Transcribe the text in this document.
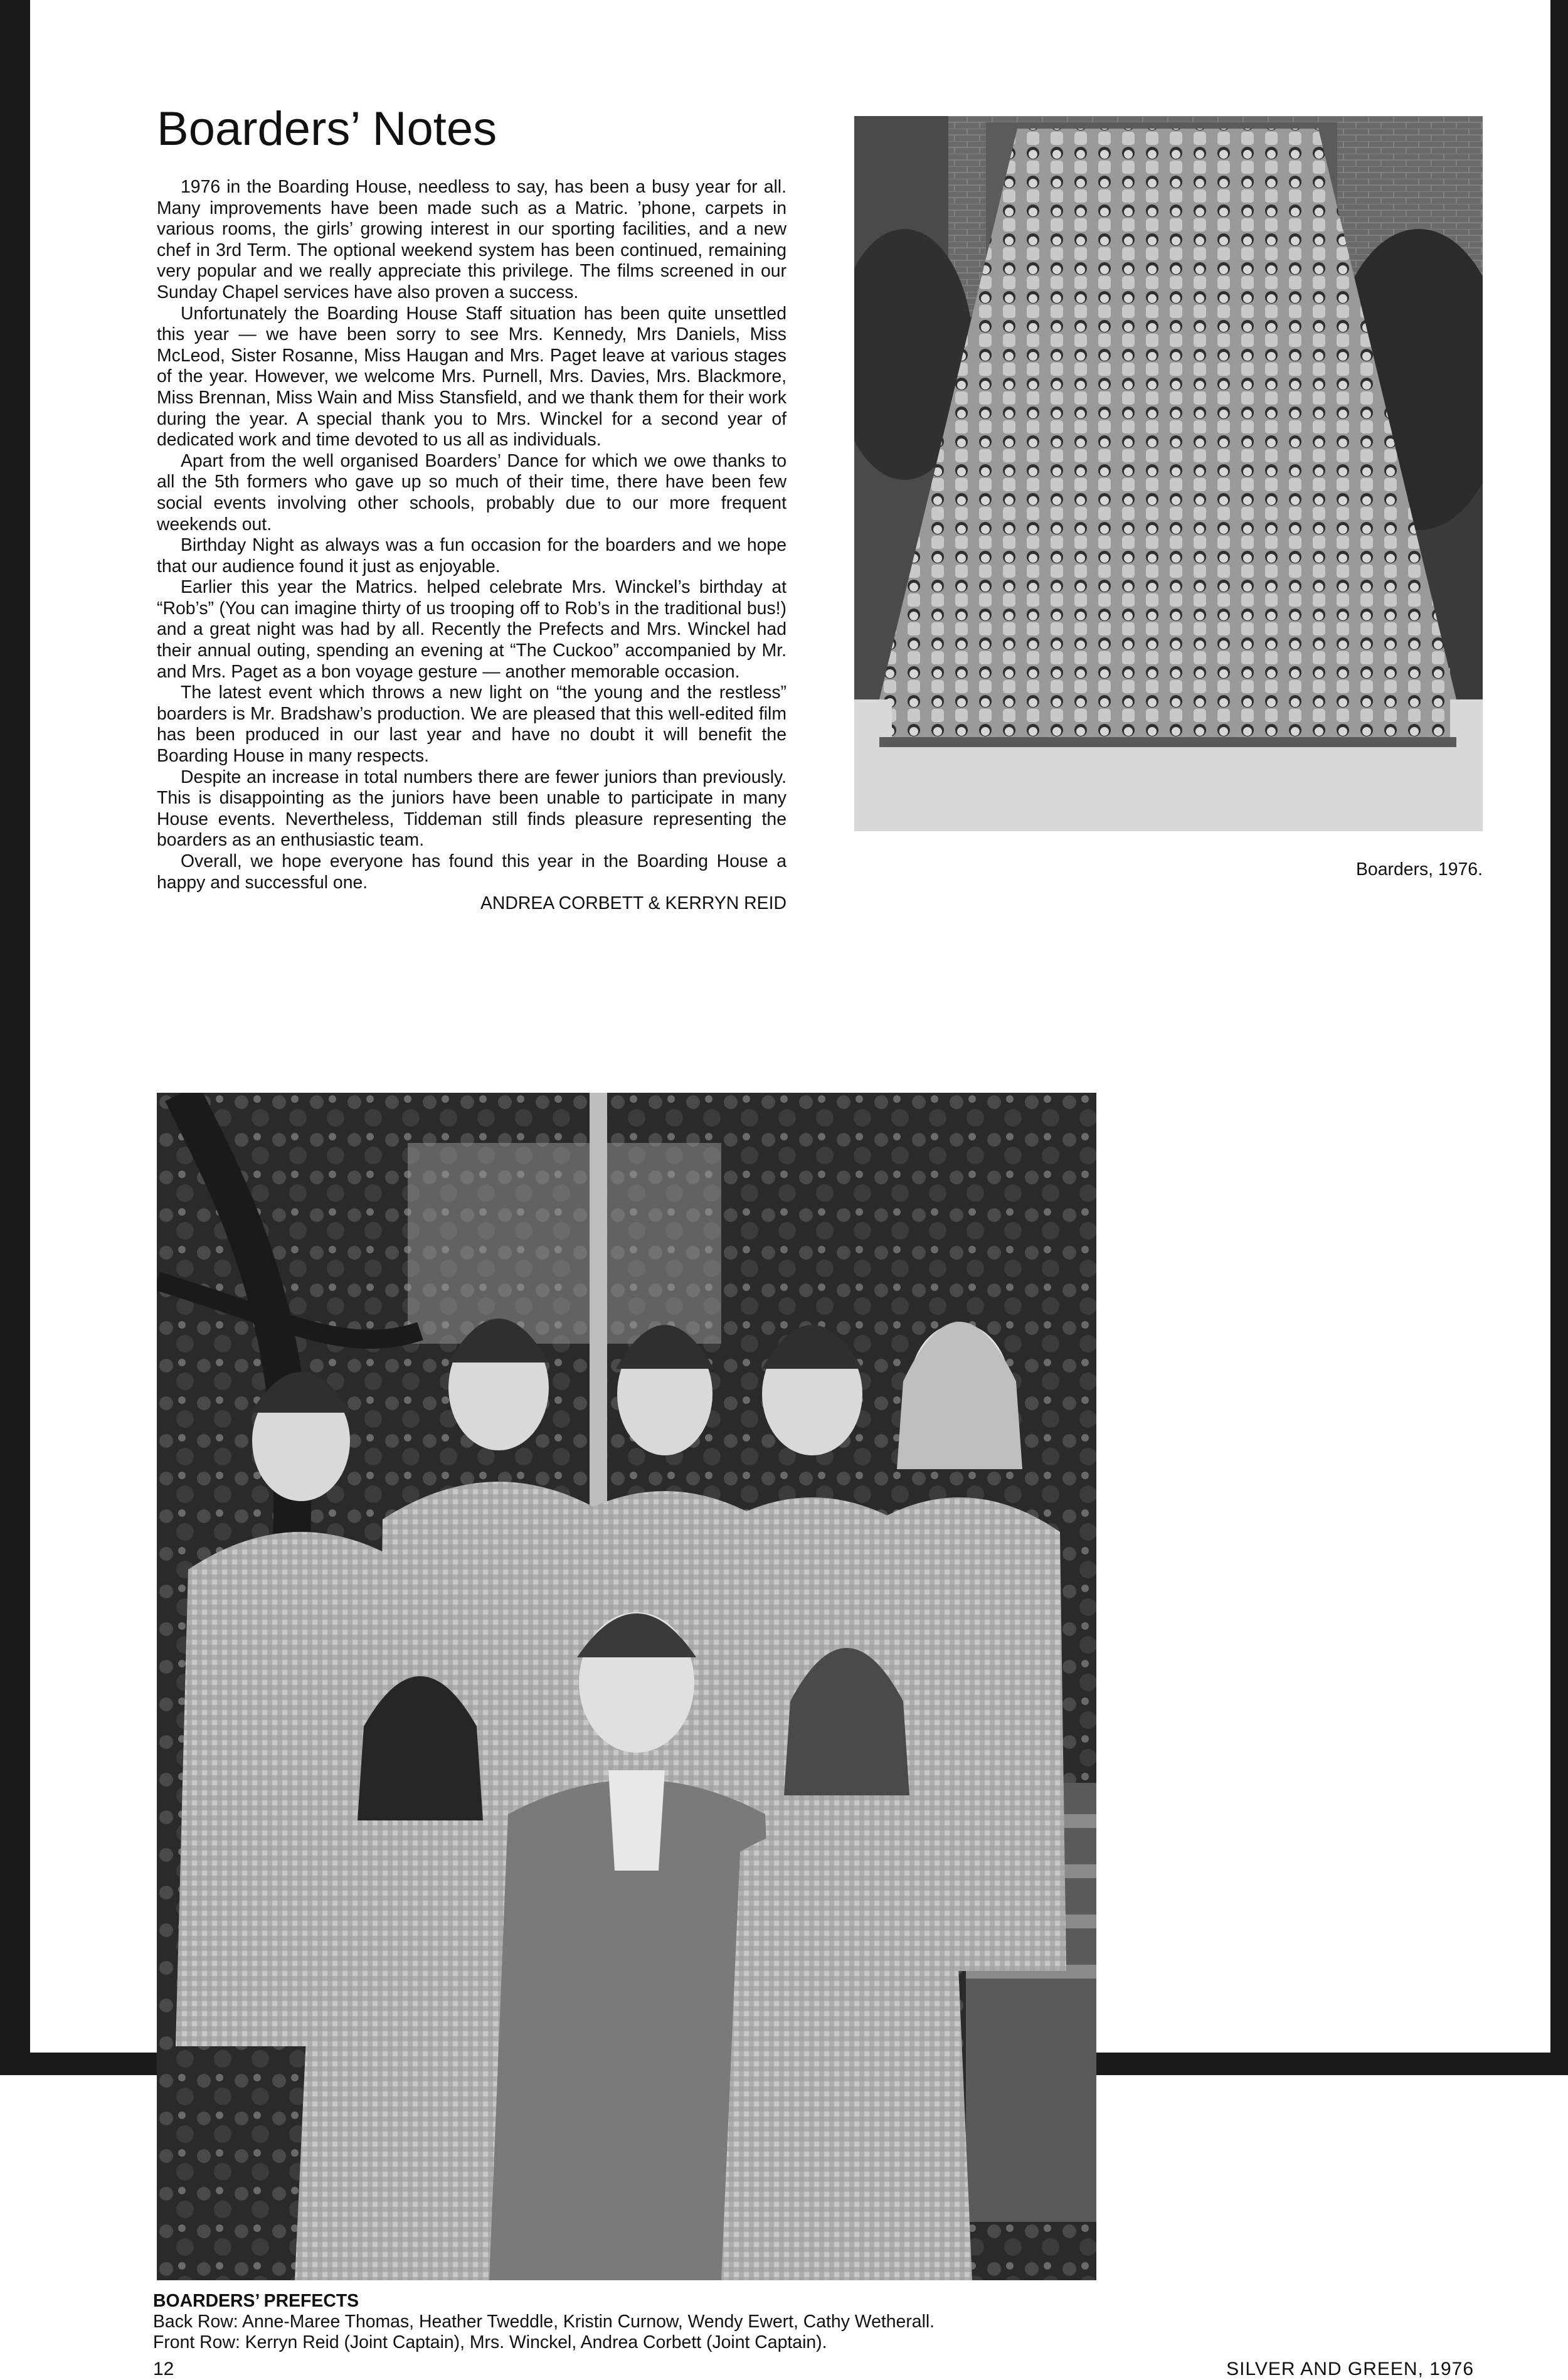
Boarders’ Notes

1976 in the Boarding House, needless to say, has been a busy year for all. Many improvements have been made such as a Matric. ’phone, carpets in various rooms, the girls’ growing interest in our sporting facilities, and a new chef in 3rd Term. The optional weekend system has been continued, remaining very popular and we really appreciate this privilege. The films screened in our Sunday Chapel services have also proven a success.

Unfortunately the Boarding House Staff situation has been quite unsettled this year — we have been sorry to see Mrs. Kennedy, Mrs Daniels, Miss McLeod, Sister Rosanne, Miss Haugan and Mrs. Paget leave at various stages of the year. However, we welcome Mrs. Purnell, Mrs. Davies, Mrs. Blackmore, Miss Brennan, Miss Wain and Miss Stansfield, and we thank them for their work during the year. A special thank you to Mrs. Winckel for a second year of dedicated work and time devoted to us all as individuals.

Apart from the well organised Boarders’ Dance for which we owe thanks to all the 5th formers who gave up so much of their time, there have been few social events involving other schools, probably due to our more frequent weekends out.

Birthday Night as always was a fun occasion for the boarders and we hope that our audience found it just as enjoyable.

Earlier this year the Matrics. helped celebrate Mrs. Winckel’s birthday at “Rob’s” (You can imagine thirty of us trooping off to Rob’s in the traditional bus!) and a great night was had by all. Recently the Prefects and Mrs. Winckel had their annual outing, spending an evening at “The Cuckoo” accompanied by Mr. and Mrs. Paget as a bon voyage gesture — another memorable occasion.

The latest event which throws a new light on “the young and the restless” boarders is Mr. Bradshaw’s production. We are pleased that this well-edited film has been produced in our last year and have no doubt it will benefit the Boarding House in many respects.

Despite an increase in total numbers there are fewer juniors than previously. This is disappointing as the juniors have been unable to participate in many House events. Nevertheless, Tiddeman still finds pleasure representing the boarders as an enthusiastic team.

Overall, we hope everyone has found this year in the Boarding House a happy and successful one.

ANDREA CORBETT & KERRYN REID

Boarders, 1976.
BOARDERS’ PREFECTS
Back Row: Anne-Maree Thomas, Heather Tweddle, Kristin Curnow, Wendy Ewert, Cathy Wetherall.
Front Row: Kerryn Reid (Joint Captain), Mrs. Winckel, Andrea Corbett (Joint Captain).
12	SILVER AND GREEN, 1976
